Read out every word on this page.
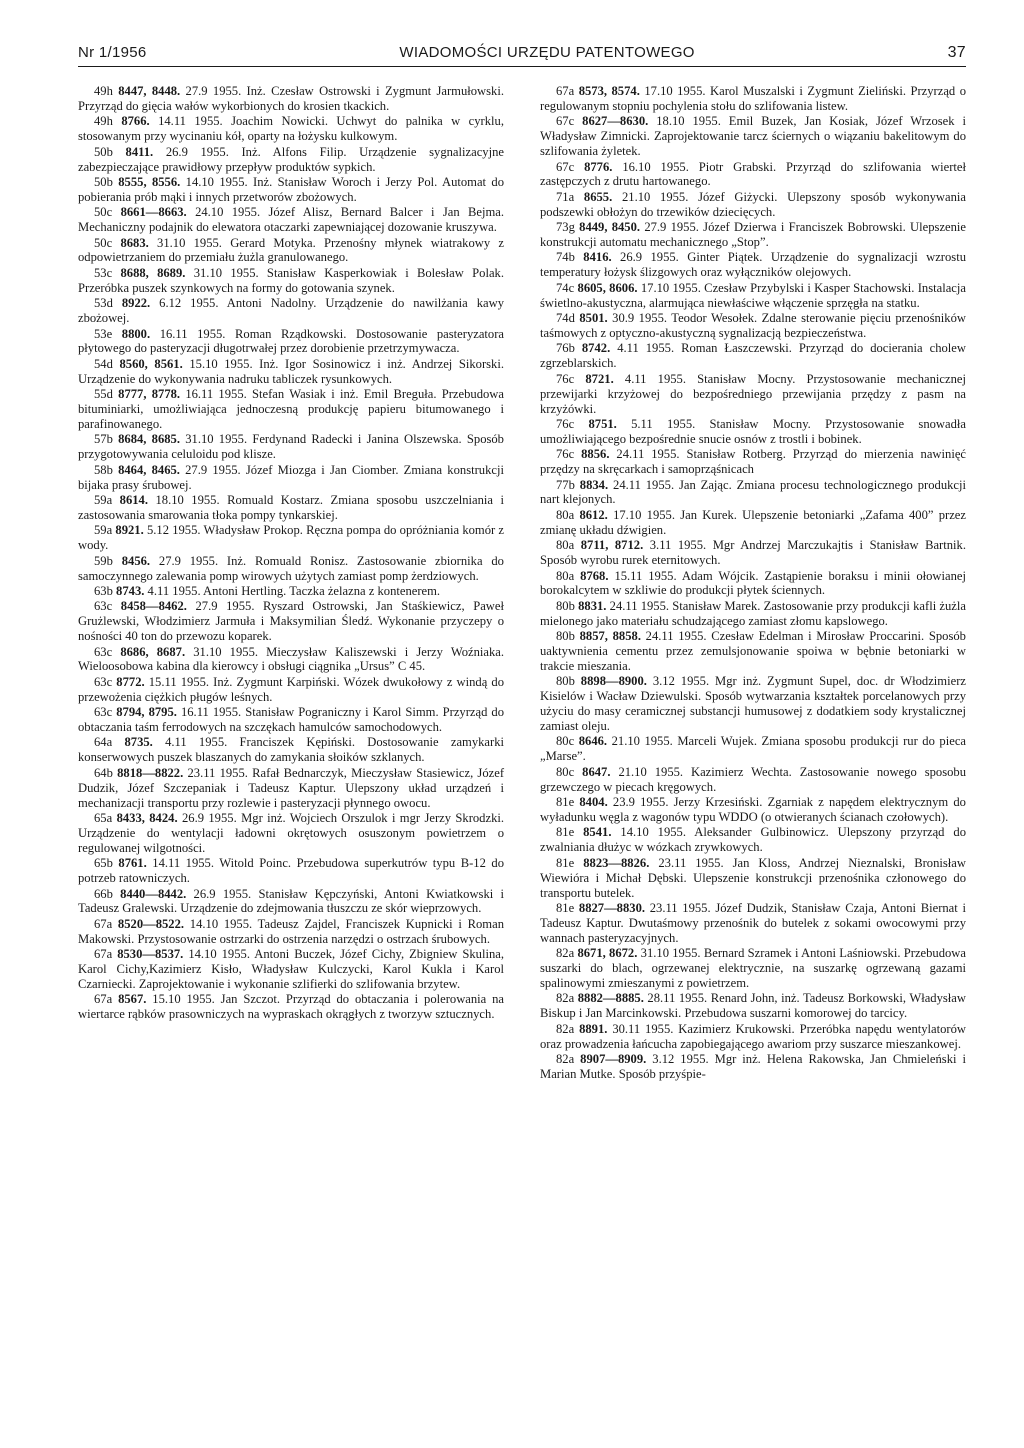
Nr 1/1956	WIADOMOŚCI URZĘDU PATENTOWEGO	37

49h 8447, 8448. 27.9 1955. Inż. Czesław Ostrowski i Zygmunt Jarmułowski. Przyrząd do gięcia wałów wykorbionych do krosien tkackich.

49h 8766. 14.11 1955. Joachim Nowicki. Uchwyt do palnika w cyrklu, stosowanym przy wycinaniu kół, oparty na łożysku kulkowym.

50b 8411. 26.9 1955. Inż. Alfons Filip. Urządzenie sygnalizacyjne zabezpieczające prawidłowy przepływ produktów sypkich.

50b 8555, 8556. 14.10 1955. Inż. Stanisław Woroch i Jerzy Pol. Automat do pobierania prób mąki i innych przetworów zbożowych.

50c 8661—8663. 24.10 1955. Józef Alisz, Bernard Balcer i Jan Bejma. Mechaniczny podajnik do elewatora otaczarki zapewniającej dozowanie kruszywa.

50c 8683. 31.10 1955. Gerard Motyka. Przenośny młynek wiatrakowy z odpowietrzaniem do przemiału żużla granulowanego.

53c 8688, 8689. 31.10 1955. Stanisław Kasperkowiak i Bolesław Polak. Przeróbka puszek szynkowych na formy do gotowania szynek.

53d 8922. 6.12 1955. Antoni Nadolny. Urządzenie do nawilżania kawy zbożowej.

53e 8800. 16.11 1955. Roman Rządkowski. Dostosowanie pasteryzatora płytowego do pasteryzacji długotrwałej przez dorobienie przetrzymywacza.

54d 8560, 8561. 15.10 1955. Inż. Igor Sosinowicz i inż. Andrzej Sikorski. Urządzenie do wykonywania nadruku tabliczek rysunkowych.

55d 8777, 8778. 16.11 1955. Stefan Wasiak i inż. Emil Breguła. Przebudowa bituminiarki, umożliwiająca jednoczesną produkcję papieru bitumowanego i parafinowanego.

57b 8684, 8685. 31.10 1955. Ferdynand Radecki i Janina Olszewska. Sposób przygotowywania celuloidu pod klisze.

58b 8464, 8465. 27.9 1955. Józef Miozga i Jan Ciomber. Zmiana konstrukcji bijaka prasy śrubowej.

59a 8614. 18.10 1955. Romuald Kostarz. Zmiana sposobu uszczelniania i zastosowania smarowania tłoka pompy tynkarskiej.

59a 8921. 5.12 1955. Władysław Prokop. Ręczna pompa do opróżniania komór z wody.

59b 8456. 27.9 1955. Inż. Romuald Ronisz. Zastosowanie zbiornika do samoczynnego zalewania pomp wirowych użytych zamiast pomp żerdziowych.

63b 8743. 4.11 1955. Antoni Hertling. Taczka żelazna z kontenerem.

63c 8458—8462. 27.9 1955. Ryszard Ostrowski, Jan Staśkiewicz, Paweł Grużlewski, Włodzimierz Jarmuła i Maksymilian Śledź. Wykonanie przyczepy o nośności 40 ton do przewozu koparek.

63c 8686, 8687. 31.10 1955. Mieczysław Kaliszewski i Jerzy Woźniaka. Wieloosobowa kabina dla kierowcy i obsługi ciągnika „Ursus” C 45.

63c 8772. 15.11 1955. Inż. Zygmunt Karpiński. Wózek dwukołowy z windą do przewożenia ciężkich pługów leśnych.

63c 8794, 8795. 16.11 1955. Stanisław Pograniczny i Karol Simm. Przyrząd do obtaczania taśm ferrodowych na szczękach hamulców samochodowych.

64a 8735. 4.11 1955. Franciszek Kępiński. Dostosowanie zamykarki konserwowych puszek blaszanych do zamykania słoików szklanych.

64b 8818—8822. 23.11 1955. Rafał Bednarczyk, Mieczysław Stasiewicz, Józef Dudzik, Józef Szczepaniak i Tadeusz Kaptur. Ulepszony układ urządzeń i mechanizacji transportu przy rozlewie i pasteryzacji płynnego owocu.

65a 8433, 8424. 26.9 1955. Mgr inż. Wojciech Orszulok i mgr Jerzy Skrodzki. Urządzenie do wentylacji ładowni okrętowych osuszonym powietrzem o regulowanej wilgotności.

65b 8761. 14.11 1955. Witold Poinc. Przebudowa superkutrów typu B-12 do potrzeb ratowniczych.

66b 8440—8442. 26.9 1955. Stanisław Kępczyński, Antoni Kwiatkowski i Tadeusz Gralewski. Urządzenie do zdejmowania tłuszczu ze skór wieprzowych.

67a 8520—8522. 14.10 1955. Tadeusz Zajdel, Franciszek Kupnicki i Roman Makowski. Przystosowanie ostrzarki do ostrzenia narzędzi o ostrzach śrubowych.

67a 8530—8537. 14.10 1955. Antoni Buczek, Józef Cichy, Zbigniew Skulina, Karol Cichy,Kazimierz Kisło, Władysław Kulczycki, Karol Kukla i Karol Czarniecki. Zaprojektowanie i wykonanie szlifierki do szlifowania brzytew.

67a 8567. 15.10 1955. Jan Szczot. Przyrząd do obtaczania i polerowania na wiertarce rąbków prasowniczych na wypraskach okrągłych z tworzyw sztucznych.

67a 8573, 8574. 17.10 1955. Karol Muszalski i Zygmunt Zieliński. Przyrząd o regulowanym stopniu pochylenia stołu do szlifowania listew.

67c 8627—8630. 18.10 1955. Emil Buzek, Jan Kosiak, Józef Wrzosek i Władysław Zimnicki. Zaprojektowanie tarcz ściernych o wiązaniu bakelitowym do szlifowania żyletek.

67c 8776. 16.10 1955. Piotr Grabski. Przyrząd do szlifowania wierteł zastępczych z drutu hartowanego.

71a 8655. 21.10 1955. Józef Giżycki. Ulepszony sposób wykonywania podszewki obłożyn do trzewików dziecięcych.

73g 8449, 8450. 27.9 1955. Józef Dzierwa i Franciszek Bobrowski. Ulepszenie konstrukcji automatu mechanicznego „Stop”.

74b 8416. 26.9 1955. Ginter Piątek. Urządzenie do sygnalizacji wzrostu temperatury łożysk ślizgowych oraz wyłączników olejowych.

74c 8605, 8606. 17.10 1955. Czesław Przybylski i Kasper Stachowski. Instalacja świetlno-akustyczna, alarmująca niewłaściwe włączenie sprzęgła na statku.

74d 8501. 30.9 1955. Teodor Wesołek. Zdalne sterowanie pięciu przenośników taśmowych z optyczno-akustyczną sygnalizacją bezpieczeństwa.

76b 8742. 4.11 1955. Roman Łaszczewski. Przyrząd do docierania cholew zgrzeblarskich.

76c 8721. 4.11 1955. Stanisław Mocny. Przystosowanie mechanicznej przewijarki krzyżowej do bezpośredniego przewijania przędzy z pasm na krzyżówki.

76c 8751. 5.11 1955. Stanisław Mocny. Przystosowanie snowadła umożliwiającego bezpośrednie snucie osnów z trostli i bobinek.

76c 8856. 24.11 1955. Stanisław Rotberg. Przyrząd do mierzenia nawinięć przędzy na skręcarkach i samoprząśnicach

77b 8834. 24.11 1955. Jan Zając. Zmiana procesu technologicznego produkcji nart klejonych.

80a 8612. 17.10 1955. Jan Kurek. Ulepszenie betoniarki „Zafama 400” przez zmianę układu dźwigien.

80a 8711, 8712. 3.11 1955. Mgr Andrzej Marczukajtis i Stanisław Bartnik. Sposób wyrobu rurek eternitowych.

80a 8768. 15.11 1955. Adam Wójcik. Zastąpienie boraksu i minii ołowianej borokalcytem w szkliwie do produkcji płytek ściennych.

80b 8831. 24.11 1955. Stanisław Marek. Zastosowanie przy produkcji kafli żużla mielonego jako materiału schudzającego zamiast złomu kapslowego.

80b 8857, 8858. 24.11 1955. Czesław Edelman i Mirosław Proccarini. Sposób uaktywnienia cementu przez zemulsjonowanie spoiwa w bębnie betoniarki w trakcie mieszania.

80b 8898—8900. 3.12 1955. Mgr inż. Zygmunt Supel, doc. dr Włodzimierz Kisielów i Wacław Dziewulski. Sposób wytwarzania kształtek porcelanowych przy użyciu do masy ceramicznej substancji humusowej z dodatkiem sody krystalicznej zamiast oleju.

80c 8646. 21.10 1955. Marceli Wujek. Zmiana sposobu produkcji rur do pieca „Marse”.

80c 8647. 21.10 1955. Kazimierz Wechta. Zastosowanie nowego sposobu grzewczego w piecach kręgowych.

81e 8404. 23.9 1955. Jerzy Krzesiński. Zgarniak z napędem elektrycznym do wyładunku węgla z wagonów typu WDDO (o otwieranych ścianach czołowych).

81e 8541. 14.10 1955. Aleksander Gulbinowicz. Ulepszony przyrząd do zwalniania dłużyc w wózkach zrywkowych.

81e 8823—8826. 23.11 1955. Jan Kloss, Andrzej Nieznalski, Bronisław Wiewióra i Michał Dębski. Ulepszenie konstrukcji przenośnika członowego do transportu butelek.

81e 8827—8830. 23.11 1955. Józef Dudzik, Stanisław Czaja, Antoni Biernat i Tadeusz Kaptur. Dwutaśmowy przenośnik do butelek z sokami owocowymi przy wannach pasteryzacyjnych.

82a 8671, 8672. 31.10 1955. Bernard Szramek i Antoni Laśniowski. Przebudowa suszarki do blach, ogrzewanej elektrycznie, na suszarkę ogrzewaną gazami spalinowymi zmieszanymi z powietrzem.

82a 8882—8885. 28.11 1955. Renard John, inż. Tadeusz Borkowski, Władysław Biskup i Jan Marcinkowski. Przebudowa suszarni komorowej do tarcicy.

82a 8891. 30.11 1955. Kazimierz Krukowski. Przeróbka napędu wentylatorów oraz prowadzenia łańcucha zapobiegającego awariom przy suszarce mieszankowej.

82a 8907—8909. 3.12 1955. Mgr inż. Helena Rakowska, Jan Chmieleński i Marian Mutke. Sposób przyśpie-
